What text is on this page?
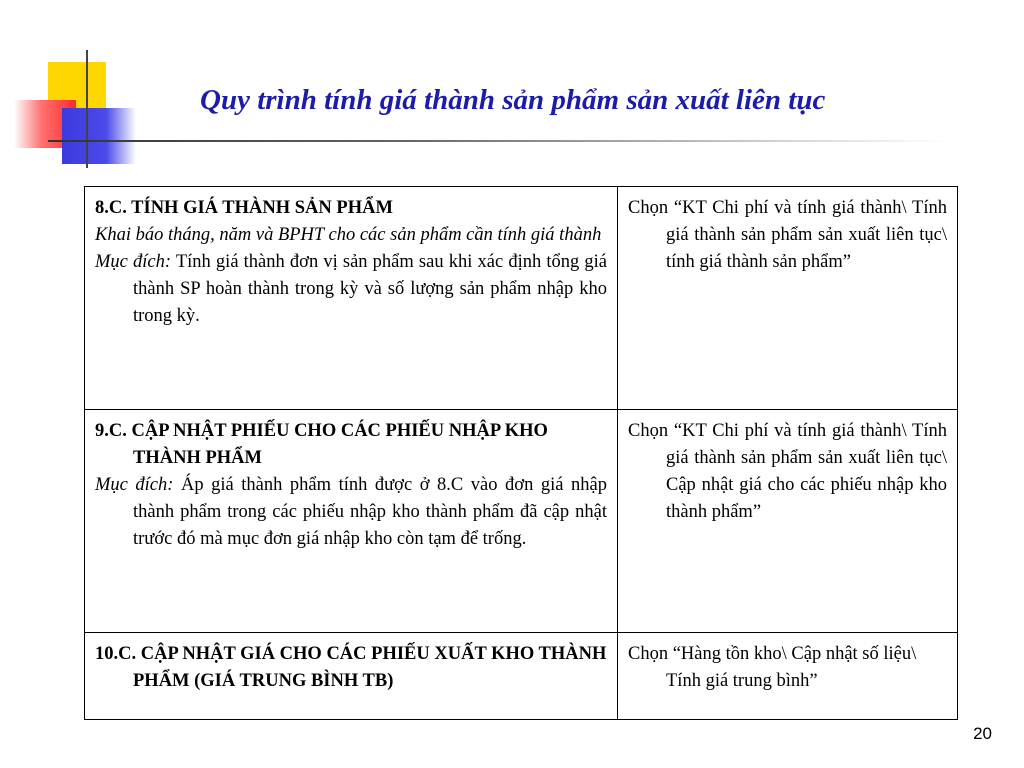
Quy trình tính giá thành sản phẩm sản xuất liên tục

8.C. TÍNH GIÁ THÀNH SẢN PHẨM

Khai báo tháng, năm và BPHT cho các sản phẩm cần tính giá thành

Mục đích: Tính giá thành đơn vị sản phẩm sau khi xác định tổng giá thành SP hoàn thành trong kỳ và số lượng sản phẩm nhập kho trong kỳ.	Chọn “KT Chi phí và tính giá thành\ Tính giá thành sản phẩm sản xuất liên tục\ tính giá thành sản phẩm”

9.C. CẬP NHẬT PHIẾU CHO CÁC PHIẾU NHẬP KHO THÀNH PHẨM

Mục đích: Áp giá thành phẩm tính được ở 8.C vào đơn giá nhập thành phẩm trong các phiếu nhập kho thành phẩm đã cập nhật trước đó mà mục đơn giá nhập kho còn tạm để trống.	Chọn “KT Chi phí và tính giá thành\ Tính giá thành sản phẩm sản xuất liên tục\ Cập nhật giá cho các phiếu nhập kho thành phẩm”

10.C. CẬP NHẬT GIÁ CHO CÁC PHIẾU XUẤT KHO THÀNH PHẨM (GIÁ TRUNG BÌNH TB)	Chọn “Hàng tồn kho\ Cập nhật số liệu\ Tính giá trung bình”

20
